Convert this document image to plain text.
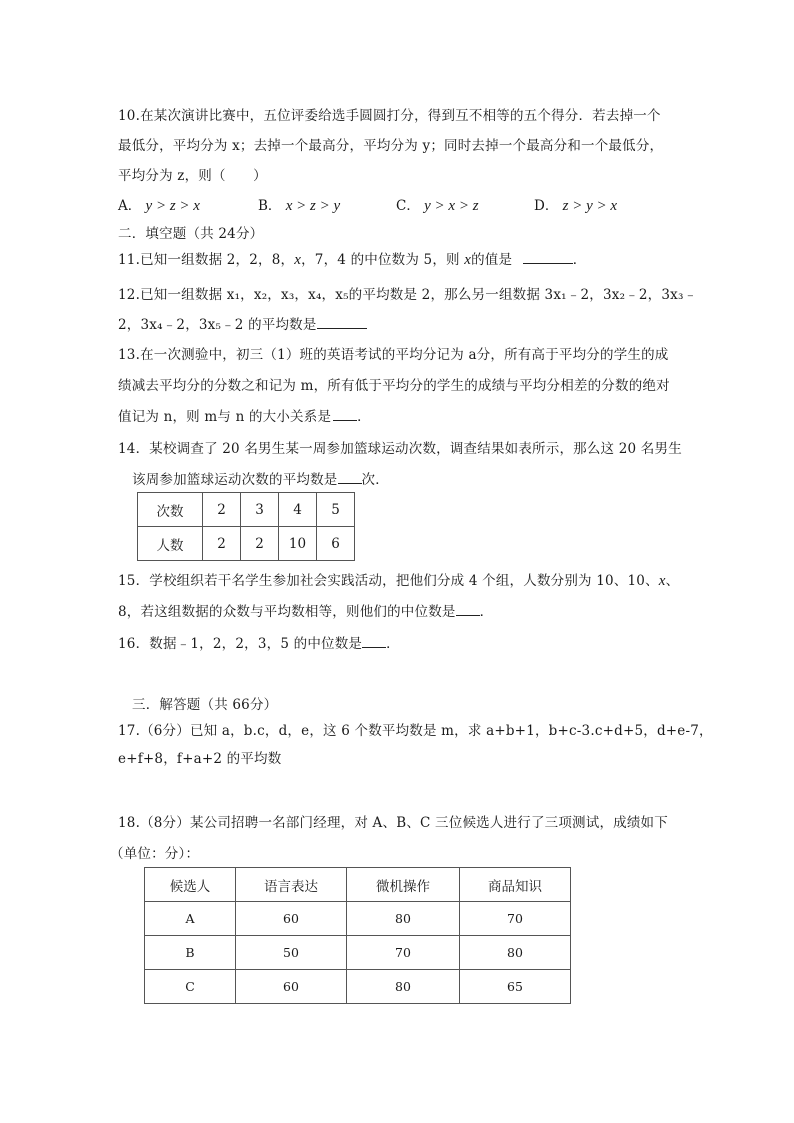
10.在某次演讲比赛中，五位评委给选手圆圆打分，得到互不相等的五个得分．若去掉一个
最低分，平均分为 x；去掉一个最高分，平均分为 y；同时去掉一个最高分和一个最低分，
平均分为 z，则（　　）
A． y > z > x	B． x > z > y	C． y > x > z	D． z > y > x
二．填空题（共 24分）
11.已知一组数据 2，2，8，x，7，4 的中位数为 5，则 x的值是	．
12.已知一组数据 x₁，x₂，x₃，x₄，x₅的平均数是 2，那么另一组数据 3x₁﹣2，3x₂﹣2，3x₃﹣
2，3x₄﹣2，3x₅﹣2 的平均数是
13.在一次测验中，初三（1）班的英语考试的平均分记为 a分，所有高于平均分的学生的成
绩减去平均分的分数之和记为 m，所有低于平均分的学生的成绩与平均分相差的分数的绝对
值记为 n，则 m与 n 的大小关系是 ．
14．某校调查了 20 名男生某一周参加篮球运动次数，调查结果如表所示，那么这 20 名男生
该周参加篮球运动次数的平均数是 次．
次数	2	3	4	5
人数	2	2	10	6
15．学校组织若干名学生参加社会实践活动，把他们分成 4 个组，人数分别为 10、10、x、
8，若这组数据的众数与平均数相等，则他们的中位数是 ．
16．数据﹣1，2，2，3，5 的中位数是 ．
三．解答题（共 66分）
17.（6分）已知 a，b.c，d，e，这 6 个数平均数是 m，求 a+b+1，b+c-3.c+d+5，d+e-7，
e+f+8，f+a+2 的平均数
18.（8分）某公司招聘一名部门经理，对 A、B、C 三位候选人进行了三项测试，成绩如下
（单位：分）：
候选人	语言表达	微机操作	商品知识
A	60	80	70
B	50	70	80
C	60	80	65
